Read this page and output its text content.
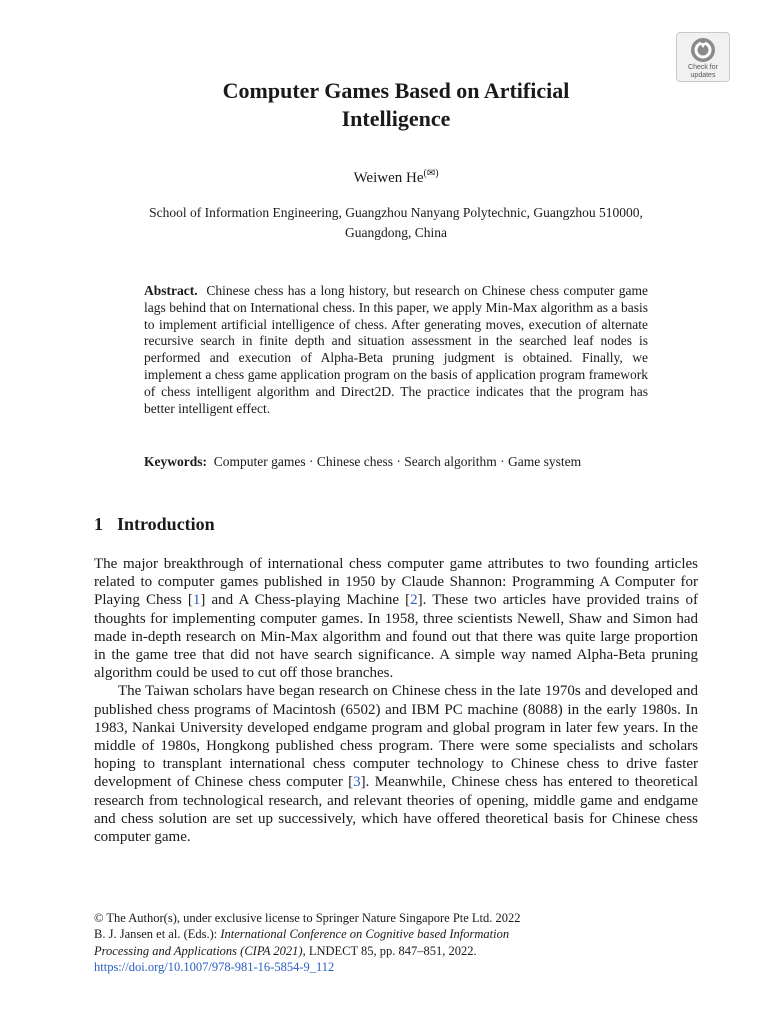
Check for
updates
Computer Games Based on Artificial
Intelligence
Weiwen He(✉)
School of Information Engineering, Guangzhou Nanyang Polytechnic, Guangzhou 510000,
Guangdong, China
Abstract. Chinese chess has a long history, but research on Chinese chess computer game lags behind that on International chess. In this paper, we apply Min-Max algorithm as a basis to implement artificial intelligence of chess. After generating moves, execution of alternate recursive search in finite depth and situation assessment in the searched leaf nodes is performed and execution of Alpha-Beta pruning judgment is obtained. Finally, we implement a chess game application program on the basis of application program framework of chess intelligent algorithm and Direct2D. The practice indicates that the program has better intelligent effect.
Keywords: Computer games · Chinese chess · Search algorithm · Game system
1 Introduction

The major breakthrough of international chess computer game attributes to two founding articles related to computer games published in 1950 by Claude Shannon: Programming A Computer for Playing Chess [1] and A Chess-playing Machine [2]. These two articles have provided trains of thoughts for implementing computer games. In 1958, three scientists Newell, Shaw and Simon had made in-depth research on Min-Max algorithm and found out that there was quite large proportion in the game tree that did not have search significance. A simple way named Alpha-Beta pruning algorithm could be used to cut off those branches.

The Taiwan scholars have began research on Chinese chess in the late 1970s and developed and published chess programs of Macintosh (6502) and IBM PC machine (8088) in the early 1980s. In 1983, Nankai University developed endgame program and global program in later few years. In the middle of 1980s, Hongkong published chess program. There were some specialists and scholars hoping to transplant international chess computer technology to Chinese chess to drive faster development of Chinese chess computer [3]. Meanwhile, Chinese chess has entered to theoretical research from technological research, and relevant theories of opening, middle game and endgame and chess solution are set up successively, which have offered theoretical basis for Chinese chess computer game.

© The Author(s), under exclusive license to Springer Nature Singapore Pte Ltd. 2022
B. J. Jansen et al. (Eds.): International Conference on Cognitive based Information
Processing and Applications (CIPA 2021), LNDECT 85, pp. 847–851, 2022.
https://doi.org/10.1007/978-981-16-5854-9_112
